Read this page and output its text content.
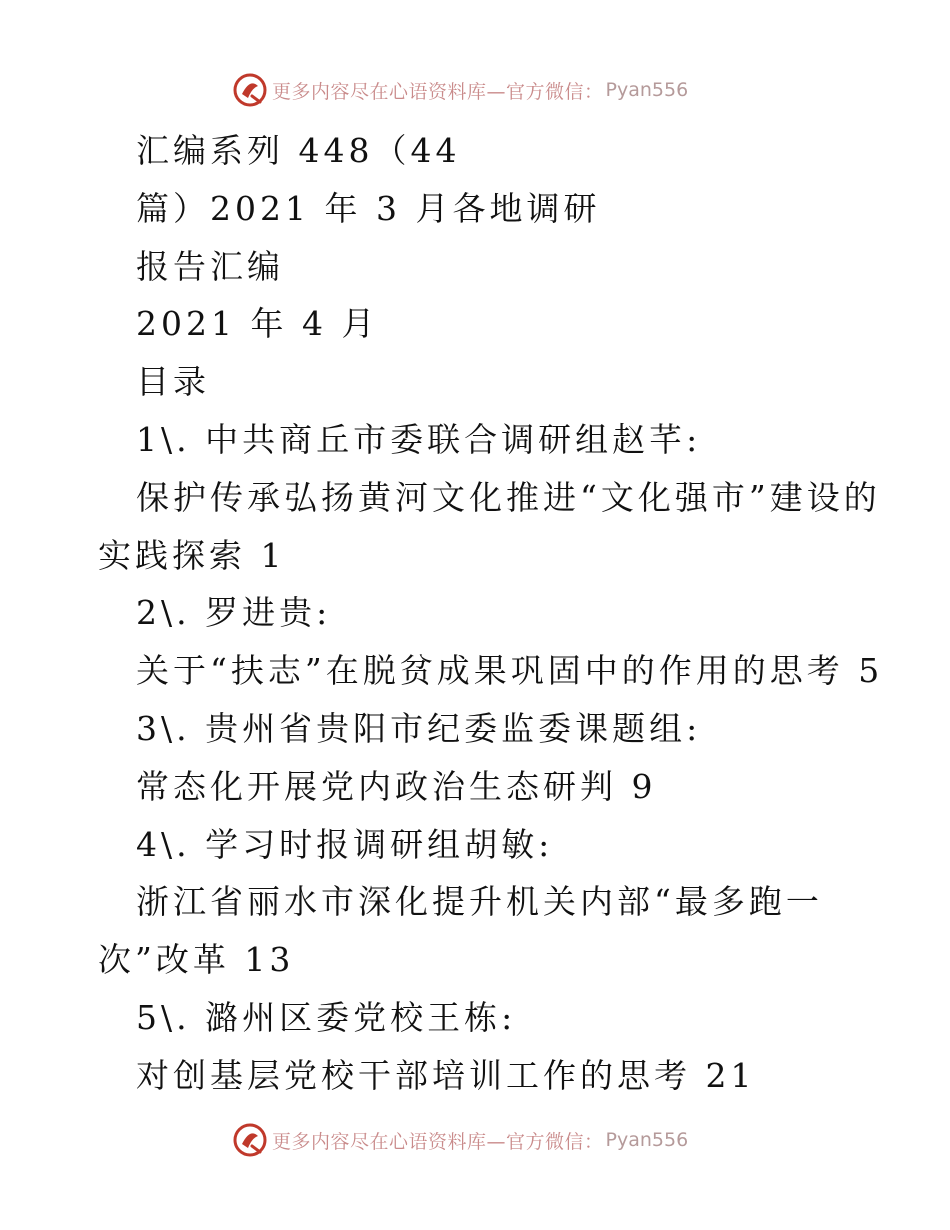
更多内容尽在心语资料库—官方微信： Pyan556
汇编系列 448（44
篇）2021 年 3 月各地调研
报告汇编
2021 年 4 月
目录
1\. 中共商丘市委联合调研组赵芊:
保护传承弘扬黄河文化推进“文化强市”建设的
实践探索 1
2\. 罗进贵:
关于“扶志”在脱贫成果巩固中的作用的思考 5
3\. 贵州省贵阳市纪委监委课题组:
常态化开展党内政治生态研判 9
4\. 学习时报调研组胡敏:
浙江省丽水市深化提升机关内部“最多跑一
次”改革 13
5\. 潞州区委党校王栋:
对创基层党校干部培训工作的思考 21
更多内容尽在心语资料库—官方微信： Pyan556
